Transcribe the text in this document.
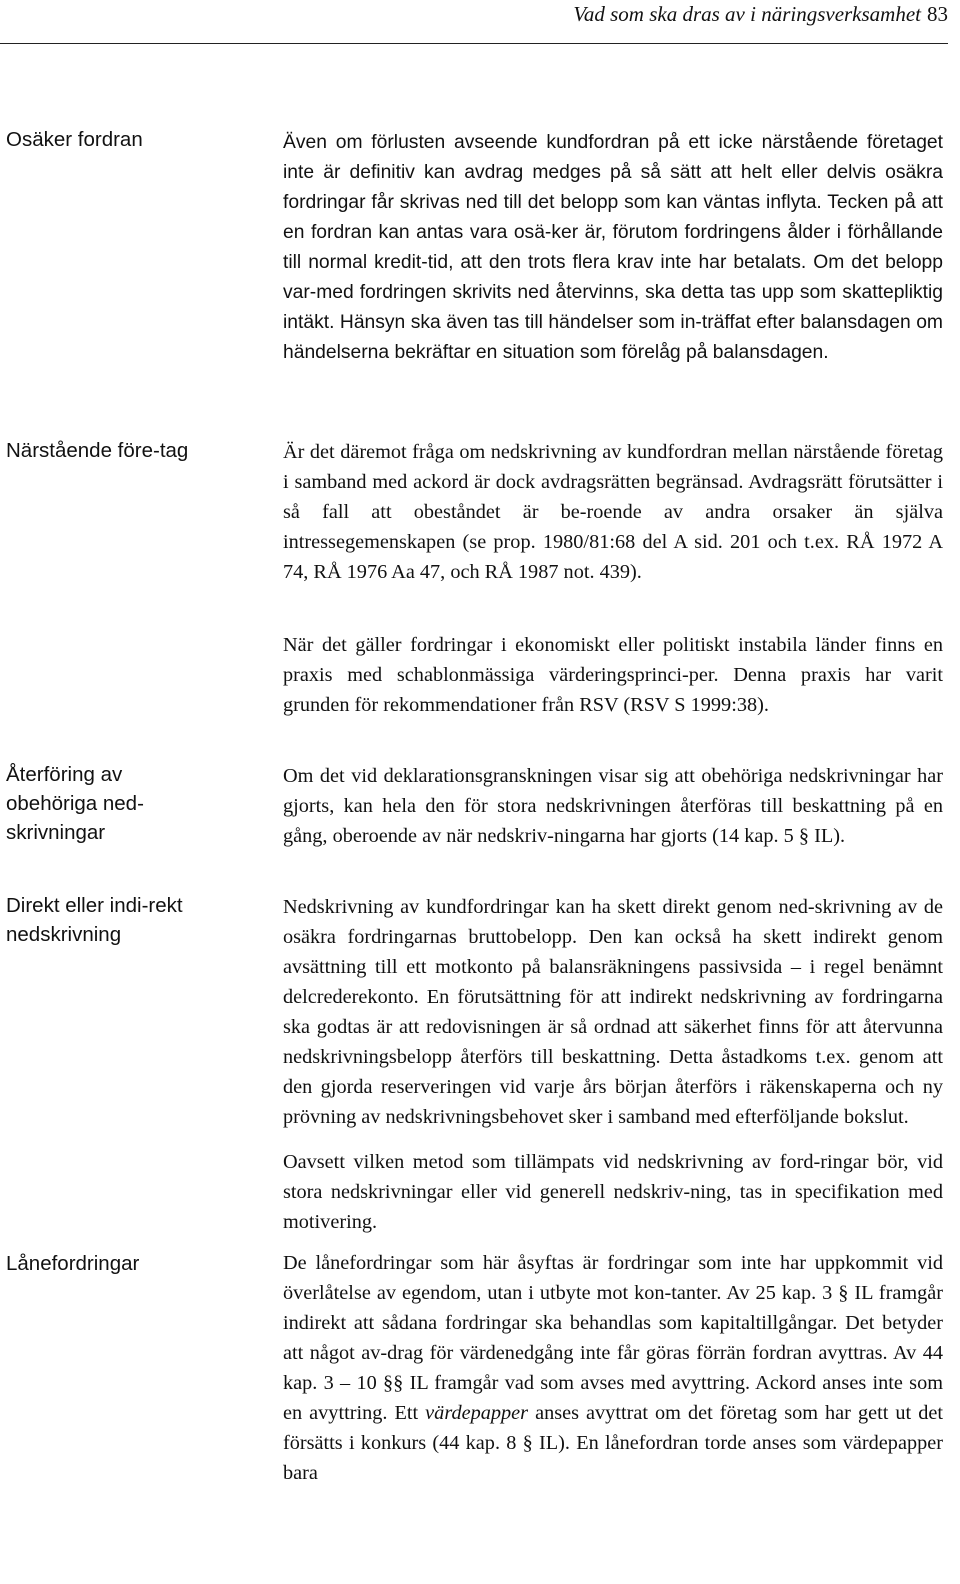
Vad som ska dras av i näringsverksamhet 83
Osäker fordran
Närstående före-tag
Återföring av obehöriga ned-skrivningar
Direkt eller indi-rekt nedskrivning
Lånefordringar

Även om förlusten avseende kundfordran på ett icke närstående företaget inte är definitiv kan avdrag medges på så sätt att helt eller delvis osäkra fordringar får skrivas ned till det belopp som kan väntas inflyta. Tecken på att en fordran kan antas vara osä-ker är, förutom fordringens ålder i förhållande till normal kredit-tid, att den trots flera krav inte har betalats. Om det belopp var-med fordringen skrivits ned återvinns, ska detta tas upp som skattepliktig intäkt. Hänsyn ska även tas till händelser som in-träffat efter balansdagen om händelserna bekräftar en situation som förelåg på balansdagen.

Är det däremot fråga om nedskrivning av kundfordran mellan närstående företag i samband med ackord är dock avdragsrätten begränsad. Avdragsrätt förutsätter i så fall att obeståndet är be-roende av andra orsaker än själva intressegemenskapen (se prop. 1980/81:68 del A sid. 201 och t.ex. RÅ 1972 A 74, RÅ 1976 Aa 47, och RÅ 1987 not. 439).

När det gäller fordringar i ekonomiskt eller politiskt instabila länder finns en praxis med schablonmässiga värderingsprinci-per. Denna praxis har varit grunden för rekommendationer från RSV (RSV S 1999:38).

Om det vid deklarationsgranskningen visar sig att obehöriga nedskrivningar har gjorts, kan hela den för stora nedskrivningen återföras till beskattning på en gång, oberoende av när nedskriv-ningarna har gjorts (14 kap. 5 § IL).

Nedskrivning av kundfordringar kan ha skett direkt genom ned-skrivning av de osäkra fordringarnas bruttobelopp. Den kan också ha skett indirekt genom avsättning till ett motkonto på balansräkningens passivsida – i regel benämnt delcrederekonto. En förutsättning för att indirekt nedskrivning av fordringarna ska godtas är att redovisningen är så ordnad att säkerhet finns för att återvunna nedskrivningsbelopp återförs till beskattning. Detta åstadkoms t.ex. genom att den gjorda reserveringen vid varje års början återförs i räkenskaperna och ny prövning av nedskrivningsbehovet sker i samband med efterföljande bokslut.

Oavsett vilken metod som tillämpats vid nedskrivning av ford-ringar bör, vid stora nedskrivningar eller vid generell nedskriv-ning, tas in specifikation med motivering.

De lånefordringar som här åsyftas är fordringar som inte har uppkommit vid överlåtelse av egendom, utan i utbyte mot kon-tanter. Av 25 kap. 3 § IL framgår indirekt att sådana fordringar ska behandlas som kapitaltillgångar. Det betyder att något av-drag för värdenedgång inte får göras förrän fordran avyttras. Av 44 kap. 3 – 10 §§ IL framgår vad som avses med avyttring. Ackord anses inte som en avyttring. Ett värdepapper anses avyttrat om det företag som har gett ut det försätts i konkurs (44 kap. 8 § IL). En lånefordran torde anses som värdepapper bara
